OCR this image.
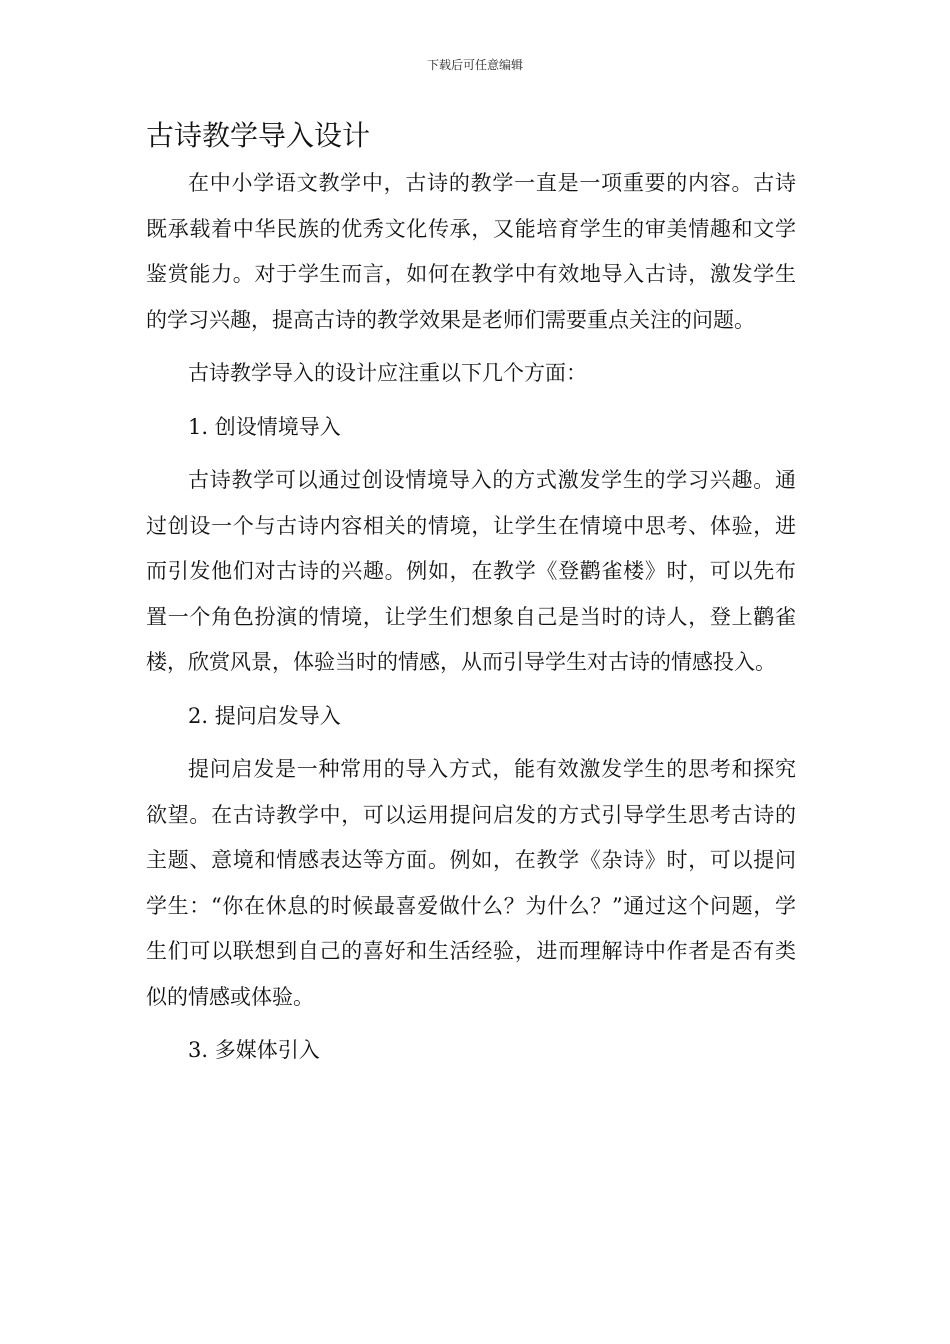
下载后可任意编辑
古诗教学导入设计

在中小学语文教学中，古诗的教学一直是一项重要的内容。古诗既承载着中华民族的优秀文化传承，又能培育学生的审美情趣和文学鉴赏能力。对于学生而言，如何在教学中有效地导入古诗，激发学生的学习兴趣，提高古诗的教学效果是老师们需要重点关注的问题。

古诗教学导入的设计应注重以下几个方面：

1. 创设情境导入

古诗教学可以通过创设情境导入的方式激发学生的学习兴趣。通过创设一个与古诗内容相关的情境，让学生在情境中思考、体验，进而引发他们对古诗的兴趣。例如，在教学《登鹳雀楼》时，可以先布置一个角色扮演的情境，让学生们想象自己是当时的诗人，登上鹳雀楼，欣赏风景，体验当时的情感，从而引导学生对古诗的情感投入。

2. 提问启发导入

提问启发是一种常用的导入方式，能有效激发学生的思考和探究欲望。在古诗教学中，可以运用提问启发的方式引导学生思考古诗的主题、意境和情感表达等方面。例如，在教学《杂诗》时，可以提问学生：“你在休息的时候最喜爱做什么？为什么？”通过这个问题，学生们可以联想到自己的喜好和生活经验，进而理解诗中作者是否有类似的情感或体验。

3. 多媒体引入
